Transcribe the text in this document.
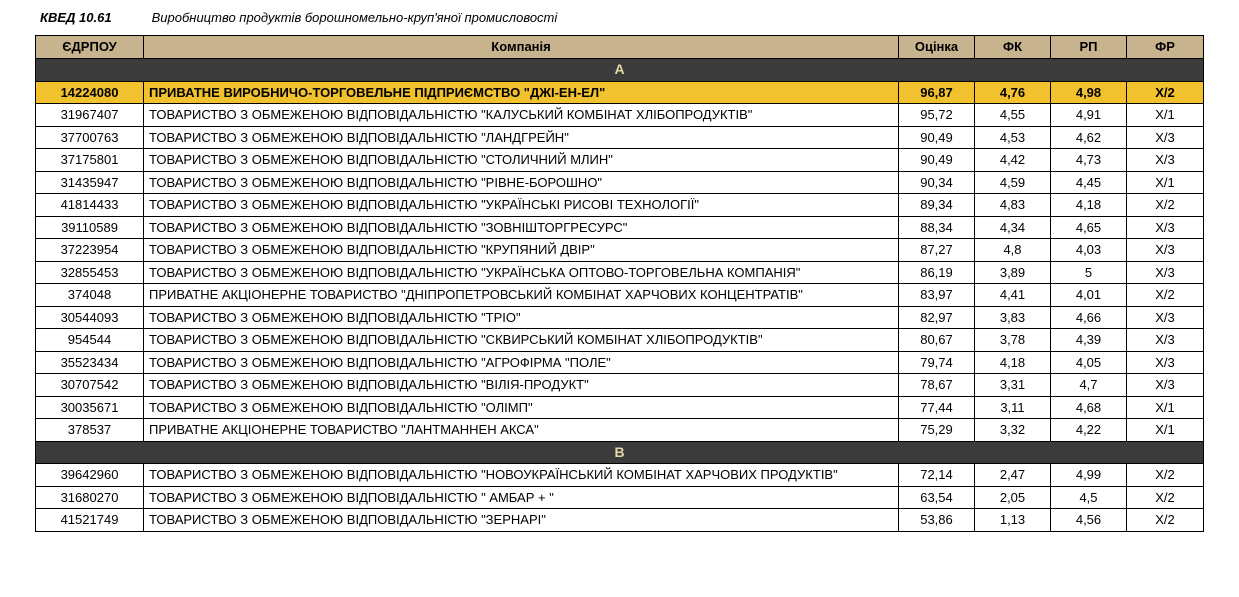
КВЕД 10.61	Виробництво продуктів борошномельно-круп'яної промисловості
ЄДРПОУ	Компанія	Оцінка	ФК	РП	ФР
А					
14224080	ПРИВАТНЕ ВИРОБНИЧО-ТОРГОВЕЛЬНЕ ПІДПРИЄМСТВО "ДЖІ-ЕН-ЕЛ"	96,87	4,76	4,98	Х/2
31967407	ТОВАРИСТВО З ОБМЕЖЕНОЮ ВІДПОВІДАЛЬНІСТЮ "КАЛУСЬКИЙ КОМБІНАТ ХЛІБОПРОДУКТІВ"	95,72	4,55	4,91	Х/1
37700763	ТОВАРИСТВО З ОБМЕЖЕНОЮ ВІДПОВІДАЛЬНІСТЮ "ЛАНДГРЕЙН"	90,49	4,53	4,62	Х/3
37175801	ТОВАРИСТВО З ОБМЕЖЕНОЮ ВІДПОВІДАЛЬНІСТЮ "СТОЛИЧНИЙ МЛИН"	90,49	4,42	4,73	Х/3
31435947	ТОВАРИСТВО З ОБМЕЖЕНОЮ ВІДПОВІДАЛЬНІСТЮ "РІВНЕ-БОРОШНО"	90,34	4,59	4,45	Х/1
41814433	ТОВАРИСТВО З ОБМЕЖЕНОЮ ВІДПОВІДАЛЬНІСТЮ "УКРАЇНСЬКІ РИСОВІ ТЕХНОЛОГІЇ"	89,34	4,83	4,18	Х/2
39110589	ТОВАРИСТВО З ОБМЕЖЕНОЮ ВІДПОВІДАЛЬНІСТЮ "ЗОВНІШТОРГРЕСУРС"	88,34	4,34	4,65	Х/3
37223954	ТОВАРИСТВО З ОБМЕЖЕНОЮ ВІДПОВІДАЛЬНІСТЮ "КРУПЯНИЙ ДВІР"	87,27	4,8	4,03	Х/3
32855453	ТОВАРИСТВО З ОБМЕЖЕНОЮ ВІДПОВІДАЛЬНІСТЮ "УКРАЇНСЬКА ОПТОВО-ТОРГОВЕЛЬНА КОМПАНІЯ"	86,19	3,89	5	Х/3
374048	ПРИВАТНЕ АКЦІОНЕРНЕ ТОВАРИСТВО "ДНІПРОПЕТРОВСЬКИЙ КОМБІНАТ ХАРЧОВИХ КОНЦЕНТРАТІВ"	83,97	4,41	4,01	Х/2
30544093	ТОВАРИСТВО З ОБМЕЖЕНОЮ ВІДПОВІДАЛЬНІСТЮ "ТРІО"	82,97	3,83	4,66	Х/3
954544	ТОВАРИСТВО З ОБМЕЖЕНОЮ ВІДПОВІДАЛЬНІСТЮ "СКВИРСЬКИЙ КОМБІНАТ ХЛІБОПРОДУКТІВ"	80,67	3,78	4,39	Х/3
35523434	ТОВАРИСТВО З ОБМЕЖЕНОЮ ВІДПОВІДАЛЬНІСТЮ "АГРОФІРМА "ПОЛЕ"	79,74	4,18	4,05	Х/3
30707542	ТОВАРИСТВО З ОБМЕЖЕНОЮ ВІДПОВІДАЛЬНІСТЮ "ВІЛІЯ-ПРОДУКТ"	78,67	3,31	4,7	Х/3
30035671	ТОВАРИСТВО З ОБМЕЖЕНОЮ ВІДПОВІДАЛЬНІСТЮ "ОЛІМП"	77,44	3,11	4,68	Х/1
378537	ПРИВАТНЕ АКЦІОНЕРНЕ ТОВАРИСТВО "ЛАНТМАННЕН АКСА"	75,29	3,32	4,22	Х/1
В					
39642960	ТОВАРИСТВО З ОБМЕЖЕНОЮ ВІДПОВІДАЛЬНІСТЮ "НОВОУКРАЇНСЬКИЙ КОМБІНАТ ХАРЧОВИХ ПРОДУКТІВ"	72,14	2,47	4,99	Х/2
31680270	ТОВАРИСТВО З ОБМЕЖЕНОЮ ВІДПОВІДАЛЬНІСТЮ " АМБАР + "	63,54	2,05	4,5	Х/2
41521749	ТОВАРИСТВО З ОБМЕЖЕНОЮ ВІДПОВІДАЛЬНІСТЮ "ЗЕРНАРІ"	53,86	1,13	4,56	Х/2
